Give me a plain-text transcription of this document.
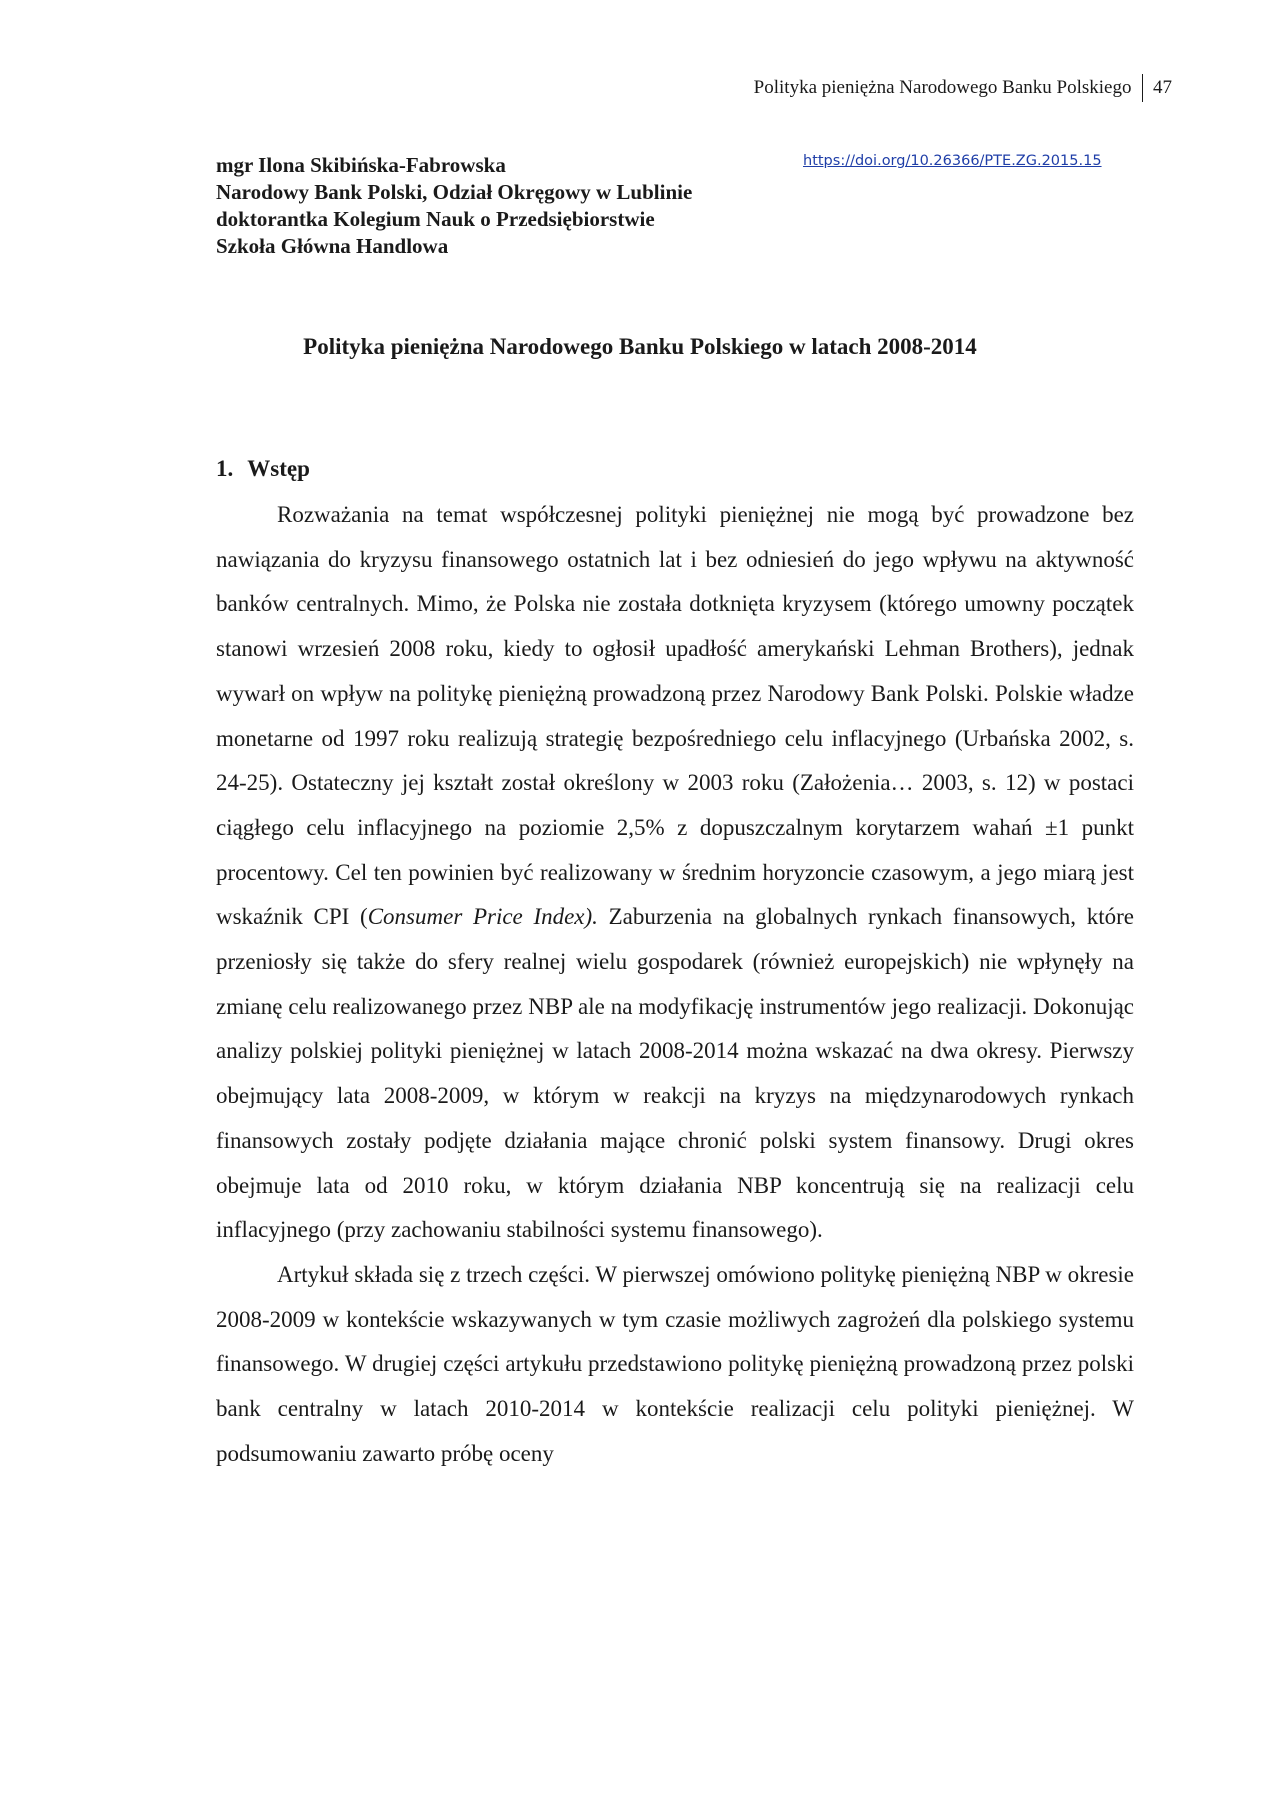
Polityka pieniężna Narodowego Banku Polskiego 47
mgr Ilona Skibińska-Fabrowska
Narodowy Bank Polski, Odział Okręgowy w Lublinie
doktorantka Kolegium Nauk o Przedsiębiorstwie
Szkoła Główna Handlowa
https://doi.org/10.26366/PTE.ZG.2015.15
Polityka pieniężna Narodowego Banku Polskiego w latach 2008-2014
1. Wstęp

Rozważania na temat współczesnej polityki pieniężnej nie mogą być prowadzone bez nawiązania do kryzysu finansowego ostatnich lat i bez odniesień do jego wpływu na aktywność banków centralnych. Mimo, że Polska nie została dotknięta kryzysem (którego umowny początek stanowi wrzesień 2008 roku, kiedy to ogłosił upadłość amerykański Lehman Brothers), jednak wywarł on wpływ na politykę pieniężną prowadzoną przez Narodowy Bank Polski. Polskie władze monetarne od 1997 roku realizują strategię bezpośredniego celu inflacyjnego (Urbańska 2002, s. 24-25). Ostateczny jej kształt został określony w 2003 roku (Założenia… 2003, s. 12) w postaci ciągłego celu inflacyjnego na poziomie 2,5% z dopuszczalnym korytarzem wahań ±1 punkt procentowy. Cel ten powinien być realizowany w średnim horyzoncie czasowym, a jego miarą jest wskaźnik CPI (Consumer Price Index). Zaburzenia na globalnych rynkach finansowych, które przeniosły się także do sfery realnej wielu gospodarek (również europejskich) nie wpłynęły na zmianę celu realizowanego przez NBP ale na modyfikację instrumentów jego realizacji. Dokonując analizy polskiej polityki pieniężnej w latach 2008-2014 można wskazać na dwa okresy. Pierwszy obejmujący lata 2008-2009, w którym w reakcji na kryzys na międzynarodowych rynkach finansowych zostały podjęte działania mające chronić polski system finansowy. Drugi okres obejmuje lata od 2010 roku, w którym działania NBP koncentrują się na realizacji celu inflacyjnego (przy zachowaniu stabilności systemu finansowego).

Artykuł składa się z trzech części. W pierwszej omówiono politykę pieniężną NBP w okresie 2008-2009 w kontekście wskazywanych w tym czasie możliwych zagrożeń dla polskiego systemu finansowego. W drugiej części artykułu przedstawiono politykę pieniężną prowadzoną przez polski bank centralny w latach 2010-2014 w kontekście realizacji celu polityki pieniężnej. W podsumowaniu zawarto próbę oceny
